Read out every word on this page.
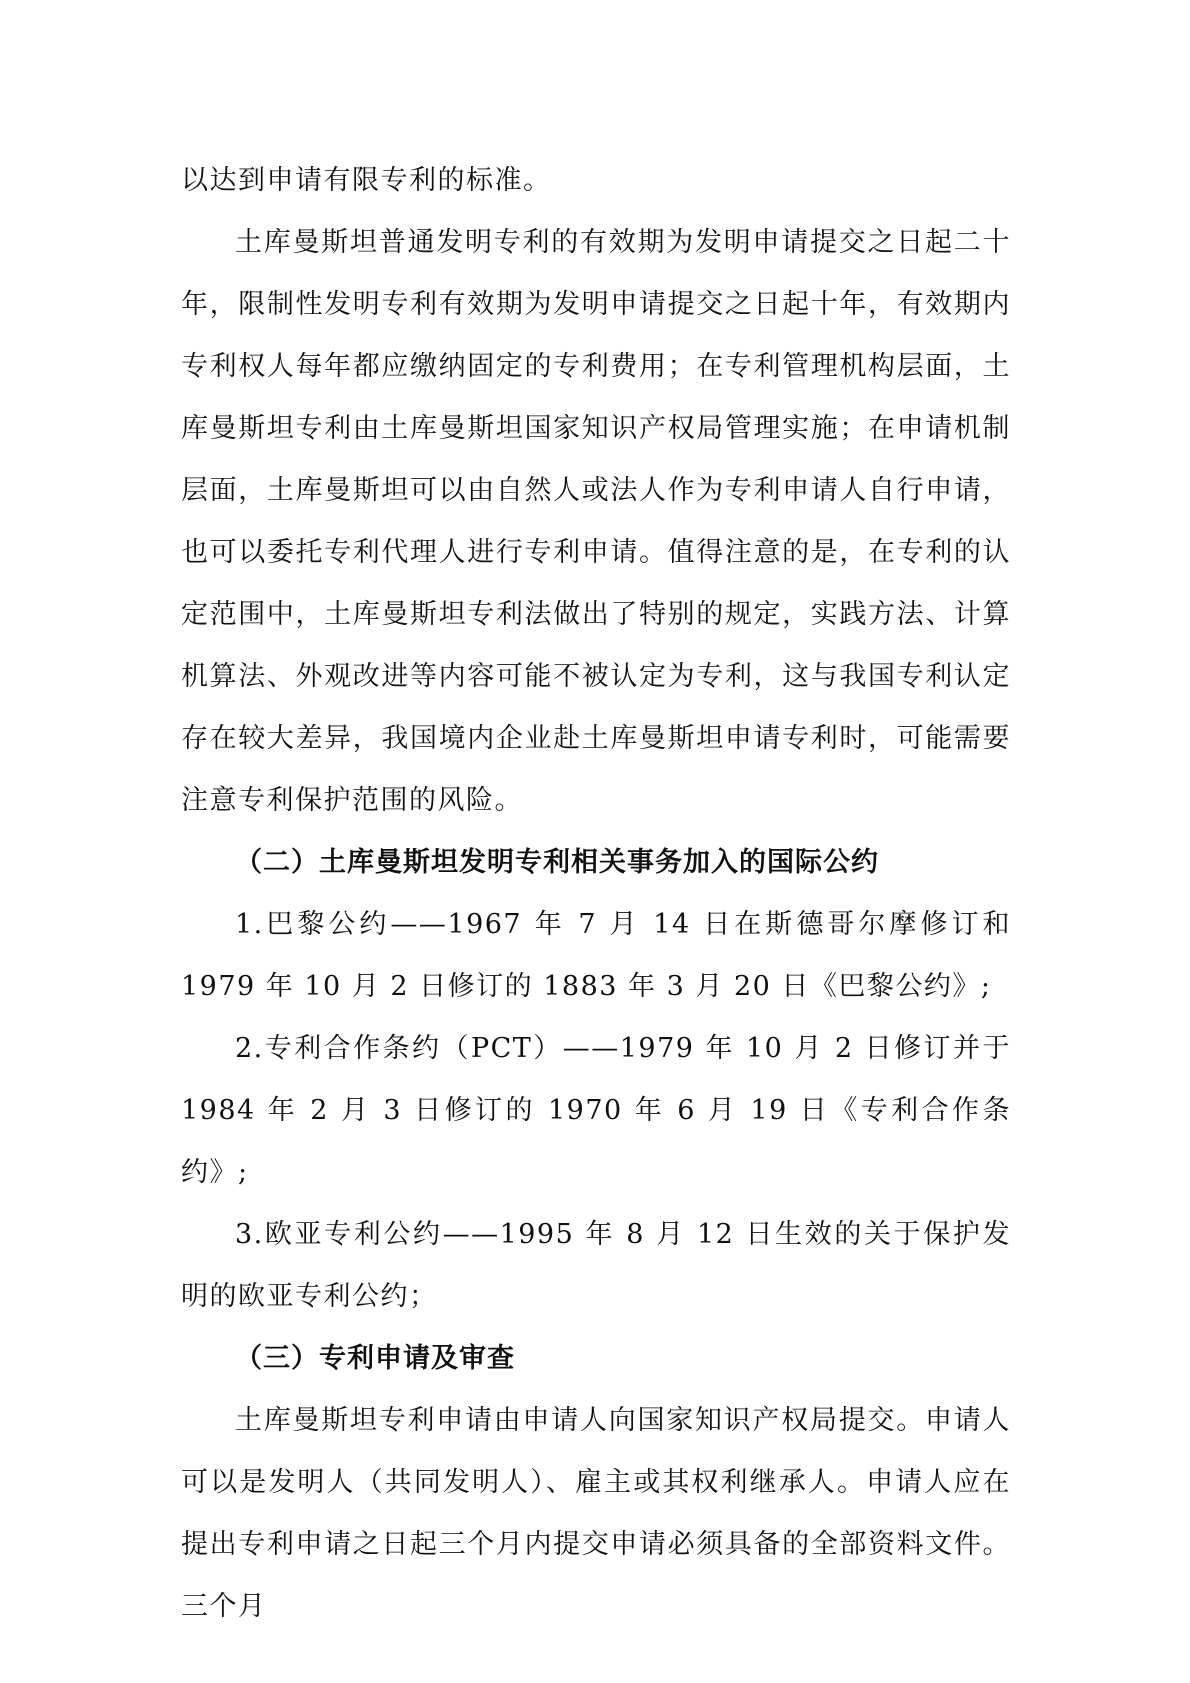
以达到申请有限专利的标准。

土库曼斯坦普通发明专利的有效期为发明申请提交之日起二十年，限制性发明专利有效期为发明申请提交之日起十年，有效期内专利权人每年都应缴纳固定的专利费用；在专利管理机构层面，土库曼斯坦专利由土库曼斯坦国家知识产权局管理实施；在申请机制层面，土库曼斯坦可以由自然人或法人作为专利申请人自行申请，也可以委托专利代理人进行专利申请。值得注意的是，在专利的认定范围中，土库曼斯坦专利法做出了特别的规定，实践方法、计算机算法、外观改进等内容可能不被认定为专利，这与我国专利认定存在较大差异，我国境内企业赴土库曼斯坦申请专利时，可能需要注意专利保护范围的风险。

（二）土库曼斯坦发明专利相关事务加入的国际公约

1.巴黎公约——1967 年 7 月 14 日在斯德哥尔摩修订和 1979 年 10 月 2 日修订的 1883 年 3 月 20 日《巴黎公约》;

2.专利合作条约（PCT）——1979 年 10 月 2 日修订并于 1984 年 2 月 3 日修订的 1970 年 6 月 19 日《专利合作条约》;

3.欧亚专利公约——1995 年 8 月 12 日生效的关于保护发明的欧亚专利公约；

（三）专利申请及审查

土库曼斯坦专利申请由申请人向国家知识产权局提交。申请人可以是发明人（共同发明人）、雇主或其权利继承人。申请人应在提出专利申请之日起三个月内提交申请必须具备的全部资料文件。三个月
